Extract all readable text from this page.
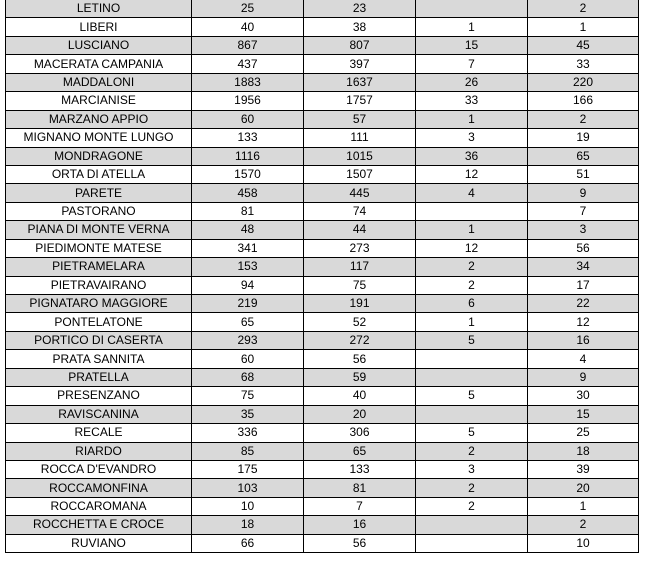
LETINO	25	23		2
LIBERI	40	38	1	1
LUSCIANO	867	807	15	45
MACERATA CAMPANIA	437	397	7	33
MADDALONI	1883	1637	26	220
MARCIANISE	1956	1757	33	166
MARZANO APPIO	60	57	1	2
MIGNANO MONTE LUNGO	133	111	3	19
MONDRAGONE	1116	1015	36	65
ORTA DI ATELLA	1570	1507	12	51
PARETE	458	445	4	9
PASTORANO	81	74		7
PIANA DI MONTE VERNA	48	44	1	3
PIEDIMONTE MATESE	341	273	12	56
PIETRAMELARA	153	117	2	34
PIETRAVAIRANO	94	75	2	17
PIGNATARO MAGGIORE	219	191	6	22
PONTELATONE	65	52	1	12
PORTICO DI CASERTA	293	272	5	16
PRATA SANNITA	60	56		4
PRATELLA	68	59		9
PRESENZANO	75	40	5	30
RAVISCANINA	35	20		15
RECALE	336	306	5	25
RIARDO	85	65	2	18
ROCCA D'EVANDRO	175	133	3	39
ROCCAMONFINA	103	81	2	20
ROCCAROMANA	10	7	2	1
ROCCHETTA E CROCE	18	16		2
RUVIANO	66	56		10
